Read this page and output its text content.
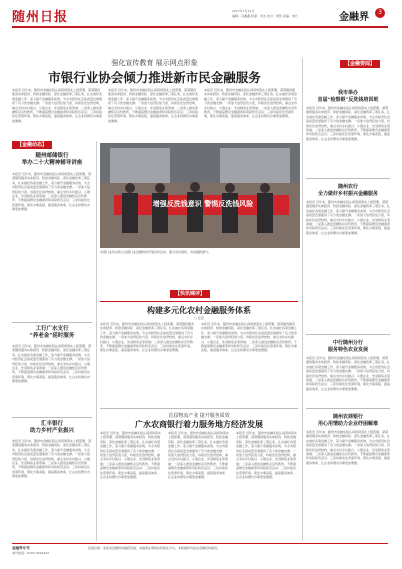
随州日报	2017年1月12日
编辑：冯鑫鑫 版面：刘杰 校对：周凯 美编：刘巧	金融界	3
强化宣传教育 展示网点形象
市银行业协会倾力推进新市民金融服务
本报讯 近年来，随州市金融系统认真贯彻落实上级部署，紧紧围绕服务实体经济、防控金融风险、深化金融改革三项任务，扎实做好各项金融工作，着力提升金融服务质效，为全市经济社会高质量发展提供了有力的金融支撑。一是加大信贷投放力度，持续优化信贷结构，重点支持乡村振兴、小微企业、先进制造业等领域；二是深入推进金融知识宣传教育，不断提高群众金融素养和风险防范意识；三是持续优化营商环境，简化办事流程，提高服务效率，让企业和群众办事更加便捷。
本报讯 近年来，随州市金融系统认真贯彻落实上级部署，紧紧围绕服务实体经济、防控金融风险、深化金融改革三项任务，扎实做好各项金融工作，着力提升金融服务质效，为全市经济社会高质量发展提供了有力的金融支撑。一是加大信贷投放力度，持续优化信贷结构，重点支持乡村振兴、小微企业、先进制造业等领域；二是深入推进金融知识宣传教育，不断提高群众金融素养和风险防范意识；三是持续优化营商环境，简化办事流程，提高服务效率，让企业和群众办事更加便捷。
本报讯 近年来，随州市金融系统认真贯彻落实上级部署，紧紧围绕服务实体经济、防控金融风险、深化金融改革三项任务，扎实做好各项金融工作，着力提升金融服务质效，为全市经济社会高质量发展提供了有力的金融支撑。一是加大信贷投放力度，持续优化信贷结构，重点支持乡村振兴、小微企业、先进制造业等领域；二是深入推进金融知识宣传教育，不断提高群众金融素养和风险防范意识；三是持续优化营商环境，简化办事流程，提高服务效率，让企业和群众办事更加便捷。
【金融动态】
随州邮储银行
举办二十大精神辅导讲座
本报讯 近年来，随州市金融系统认真贯彻落实上级部署，紧紧围绕服务实体经济、防控金融风险、深化金融改革三项任务，扎实做好各项金融工作，着力提升金融服务质效，为全市经济社会高质量发展提供了有力的金融支撑。一是加大信贷投放力度，持续优化信贷结构，重点支持乡村振兴、小微企业、先进制造业等领域；二是深入推进金融知识宣传教育，不断提高群众金融素养和风险防范意识；三是持续优化营商环境，简化办事流程，提高服务效率，让企业和群众办事更加便捷。
工行广水支行
“养老金”延时服务
本报讯 近年来，随州市金融系统认真贯彻落实上级部署，紧紧围绕服务实体经济、防控金融风险、深化金融改革三项任务，扎实做好各项金融工作，着力提升金融服务质效，为全市经济社会高质量发展提供了有力的金融支撑。一是加大信贷投放力度，持续优化信贷结构，重点支持乡村振兴、小微企业、先进制造业等领域；二是深入推进金融知识宣传教育，不断提高群众金融素养和风险防范意识；三是持续优化营商环境，简化办事流程，提高服务效率，让企业和群众办事更加便捷。
汇丰银行
助力乡村产业振兴
本报讯 近年来，随州市金融系统认真贯彻落实上级部署，紧紧围绕服务实体经济、防控金融风险、深化金融改革三项任务，扎实做好各项金融工作，着力提升金融服务质效，为全市经济社会高质量发展提供了有力的金融支撑。一是加大信贷投放力度，持续优化信贷结构，重点支持乡村振兴、小微企业、先进制造业等领域；二是深入推进金融知识宣传教育，不断提高群众金融素养和风险防范意识；三是持续优化营商环境，简化办事流程，提高服务效率，让企业和群众办事更加便捷。
增强反洗钱意识 警惕反洗钱风险
市银行业协会联合各银行业金融机构开展宣传活动。图为活动现场，市民踊跃参与。
【快讯锦评】
构建多元化农村金融服务体系
□ 张苗
本报讯 近年来，随州市金融系统认真贯彻落实上级部署，紧紧围绕服务实体经济、防控金融风险、深化金融改革三项任务，扎实做好各项金融工作，着力提升金融服务质效，为全市经济社会高质量发展提供了有力的金融支撑。一是加大信贷投放力度，持续优化信贷结构，重点支持乡村振兴、小微企业、先进制造业等领域；二是深入推进金融知识宣传教育，不断提高群众金融素养和风险防范意识；三是持续优化营商环境，简化办事流程，提高服务效率，让企业和群众办事更加便捷。
本报讯 近年来，随州市金融系统认真贯彻落实上级部署，紧紧围绕服务实体经济、防控金融风险、深化金融改革三项任务，扎实做好各项金融工作，着力提升金融服务质效，为全市经济社会高质量发展提供了有力的金融支撑。一是加大信贷投放力度，持续优化信贷结构，重点支持乡村振兴、小微企业、先进制造业等领域；二是深入推进金融知识宣传教育，不断提高群众金融素养和风险防范意识；三是持续优化营商环境，简化办事流程，提高服务效率，让企业和群众办事更加便捷。
首届物流产业 提升服务质效
广水农商银行着力服务地方经济发展
本报讯 近年来，随州市金融系统认真贯彻落实上级部署，紧紧围绕服务实体经济、防控金融风险、深化金融改革三项任务，扎实做好各项金融工作，着力提升金融服务质效，为全市经济社会高质量发展提供了有力的金融支撑。一是加大信贷投放力度，持续优化信贷结构，重点支持乡村振兴、小微企业、先进制造业等领域；二是深入推进金融知识宣传教育，不断提高群众金融素养和风险防范意识；三是持续优化营商环境，简化办事流程，提高服务效率，让企业和群众办事更加便捷。
本报讯 近年来，随州市金融系统认真贯彻落实上级部署，紧紧围绕服务实体经济、防控金融风险、深化金融改革三项任务，扎实做好各项金融工作，着力提升金融服务质效，为全市经济社会高质量发展提供了有力的金融支撑。一是加大信贷投放力度，持续优化信贷结构，重点支持乡村振兴、小微企业、先进制造业等领域；二是深入推进金融知识宣传教育，不断提高群众金融素养和风险防范意识；三是持续优化营商环境，简化办事流程，提高服务效率，让企业和群众办事更加便捷。
本报讯 近年来，随州市金融系统认真贯彻落实上级部署，紧紧围绕服务实体经济、防控金融风险、深化金融改革三项任务，扎实做好各项金融工作，着力提升金融服务质效，为全市经济社会高质量发展提供了有力的金融支撑。一是加大信贷投放力度，持续优化信贷结构，重点支持乡村振兴、小微企业、先进制造业等领域；二是深入推进金融知识宣传教育，不断提高群众金融素养和风险防范意识；三是持续优化营商环境，简化办事流程，提高服务效率，让企业和群众办事更加便捷。
【金融要闻】
我市举办
首届“检察银”反洗钱培训班
本报讯 近年来，随州市金融系统认真贯彻落实上级部署，紧紧围绕服务实体经济、防控金融风险、深化金融改革三项任务，扎实做好各项金融工作，着力提升金融服务质效，为全市经济社会高质量发展提供了有力的金融支撑。一是加大信贷投放力度，持续优化信贷结构，重点支持乡村振兴、小微企业、先进制造业等领域；二是深入推进金融知识宣传教育，不断提高群众金融素养和风险防范意识；三是持续优化营商环境，简化办事流程，提高服务效率，让企业和群众办事更加便捷。
随州农行
全力做好乡村振兴金融服务
本报讯 近年来，随州市金融系统认真贯彻落实上级部署，紧紧围绕服务实体经济、防控金融风险、深化金融改革三项任务，扎实做好各项金融工作，着力提升金融服务质效，为全市经济社会高质量发展提供了有力的金融支撑。一是加大信贷投放力度，持续优化信贷结构，重点支持乡村振兴、小微企业、先进制造业等领域；二是深入推进金融知识宣传教育，不断提高群众金融素养和风险防范意识；三是持续优化营商环境，简化办事流程，提高服务效率，让企业和群众办事更加便捷。
中行随州分行
服务特色农业发展
本报讯 近年来，随州市金融系统认真贯彻落实上级部署，紧紧围绕服务实体经济、防控金融风险、深化金融改革三项任务，扎实做好各项金融工作，着力提升金融服务质效，为全市经济社会高质量发展提供了有力的金融支撑。一是加大信贷投放力度，持续优化信贷结构，重点支持乡村振兴、小微企业、先进制造业等领域；二是深入推进金融知识宣传教育，不断提高群众金融素养和风险防范意识；三是持续优化营商环境，简化办事流程，提高服务效率，让企业和群众办事更加便捷。
随州农商银行
用心用情助力企业纾困解难
本报讯 近年来，随州市金融系统认真贯彻落实上级部署，紧紧围绕服务实体经济、防控金融风险、深化金融改革三项任务，扎实做好各项金融工作，着力提升金融服务质效，为全市经济社会高质量发展提供了有力的金融支撑。一是加大信贷投放力度，持续优化信贷结构，重点支持乡村振兴、小微企业、先进制造业等领域；二是深入推进金融知识宣传教育，不断提高群众金融素养和风险防范意识；三是持续优化营商环境，简化办事流程，提高服务效率，让企业和群众办事更加便捷。
金融界专刊
本刊热线：0722-3222222
征稿启事：欢迎各金融机构踊跃投稿，来稿请注明单位和联系方式。本版稿件均由各金融机构提供。
